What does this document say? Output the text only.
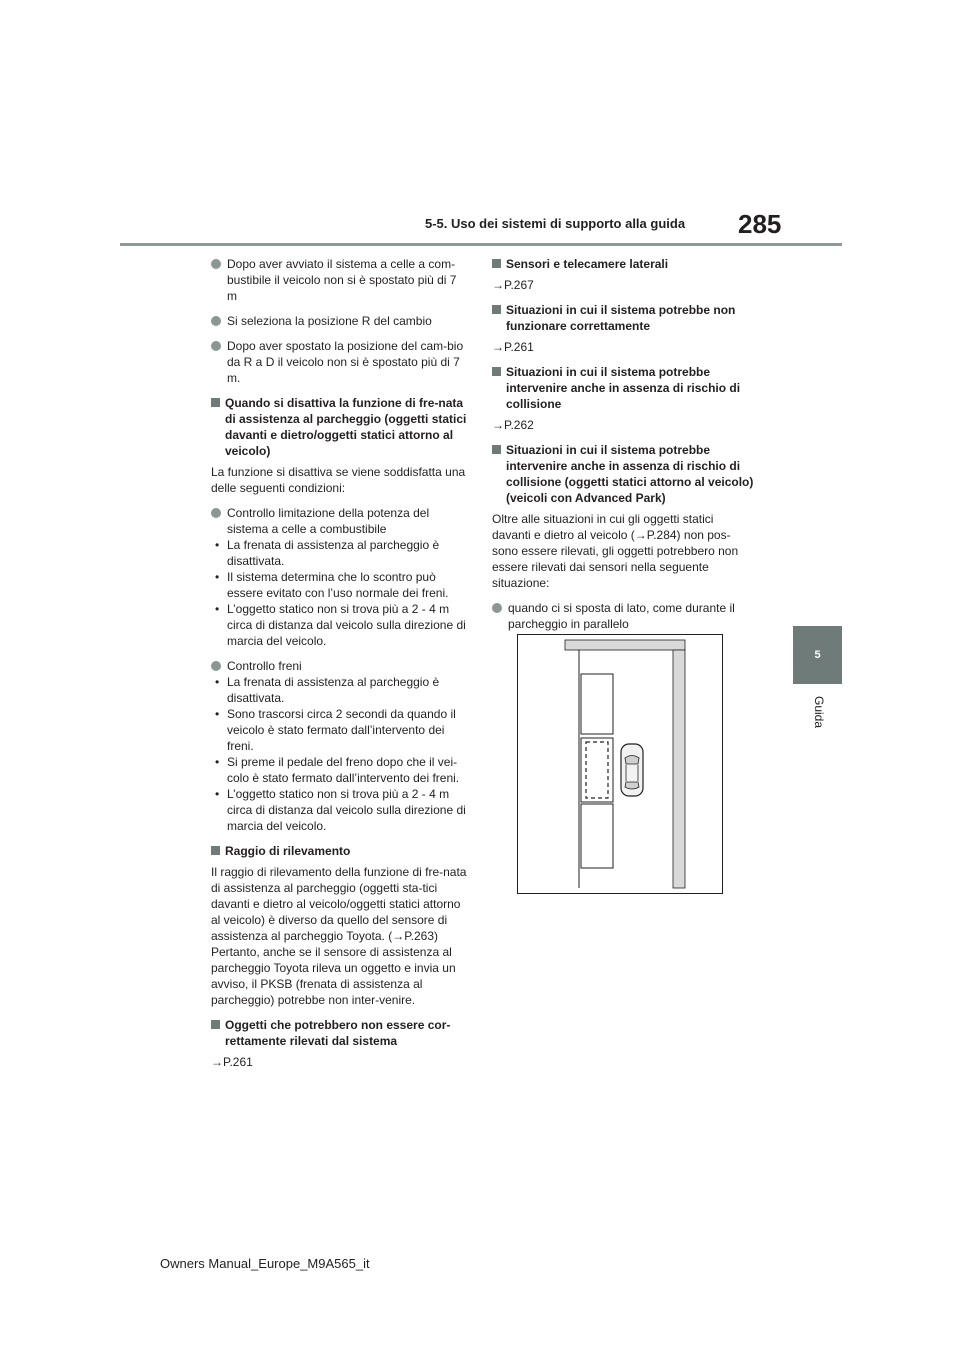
5-5. Uso dei sistemi di supporto alla guida 285
5
Guida
Dopo aver avviato il sistema a celle a com-bustibile il veicolo non si è spostato più di 7 m
Si seleziona la posizione R del cambio
Dopo aver spostato la posizione del cam-bio da R a D il veicolo non si è spostato più di 7 m.
Quando si disattiva la funzione di fre-nata di assistenza al parcheggio (oggetti statici davanti e dietro/oggetti statici attorno al veicolo)
La funzione si disattiva se viene soddisfatta una delle seguenti condizioni:
Controllo limitazione della potenza del sistema a celle a combustibile
• La frenata di assistenza al parcheggio è disattivata.
• Il sistema determina che lo scontro può essere evitato con l’uso normale dei freni.
• L’oggetto statico non si trova più a 2 - 4 m circa di distanza dal veicolo sulla direzione di marcia del veicolo.
Controllo freni
• La frenata di assistenza al parcheggio è disattivata.
• Sono trascorsi circa 2 secondi da quando il veicolo è stato fermato dall’intervento dei freni.
• Si preme il pedale del freno dopo che il vei-colo è stato fermato dall’intervento dei freni.
• L’oggetto statico non si trova più a 2 - 4 m circa di distanza dal veicolo sulla direzione di marcia del veicolo.
Raggio di rilevamento
Il raggio di rilevamento della funzione di fre-nata di assistenza al parcheggio (oggetti sta-tici davanti e dietro al veicolo/oggetti statici attorno al veicolo) è diverso da quello del sensore di assistenza al parcheggio Toyota. (→P.263) Pertanto, anche se il sensore di assistenza al parcheggio Toyota rileva un oggetto e invia un avviso, il PKSB (frenata di assistenza al parcheggio) potrebbe non inter-venire.
Oggetti che potrebbero non essere cor-rettamente rilevati dal sistema
→P.261
Sensori e telecamere laterali
→P.267
Situazioni in cui il sistema potrebbe non funzionare correttamente
→P.261
Situazioni in cui il sistema potrebbe intervenire anche in assenza di rischio di collisione
→P.262
Situazioni in cui il sistema potrebbe intervenire anche in assenza di rischio di collisione (oggetti statici attorno al veicolo) (veicoli con Advanced Park)
Oltre alle situazioni in cui gli oggetti statici davanti e dietro al veicolo (→P.284) non pos-sono essere rilevati, gli oggetti potrebbero non essere rilevati dai sensori nella seguente situazione:
quando ci si sposta di lato, come durante il parcheggio in parallelo
Owners Manual_Europe_M9A565_it
